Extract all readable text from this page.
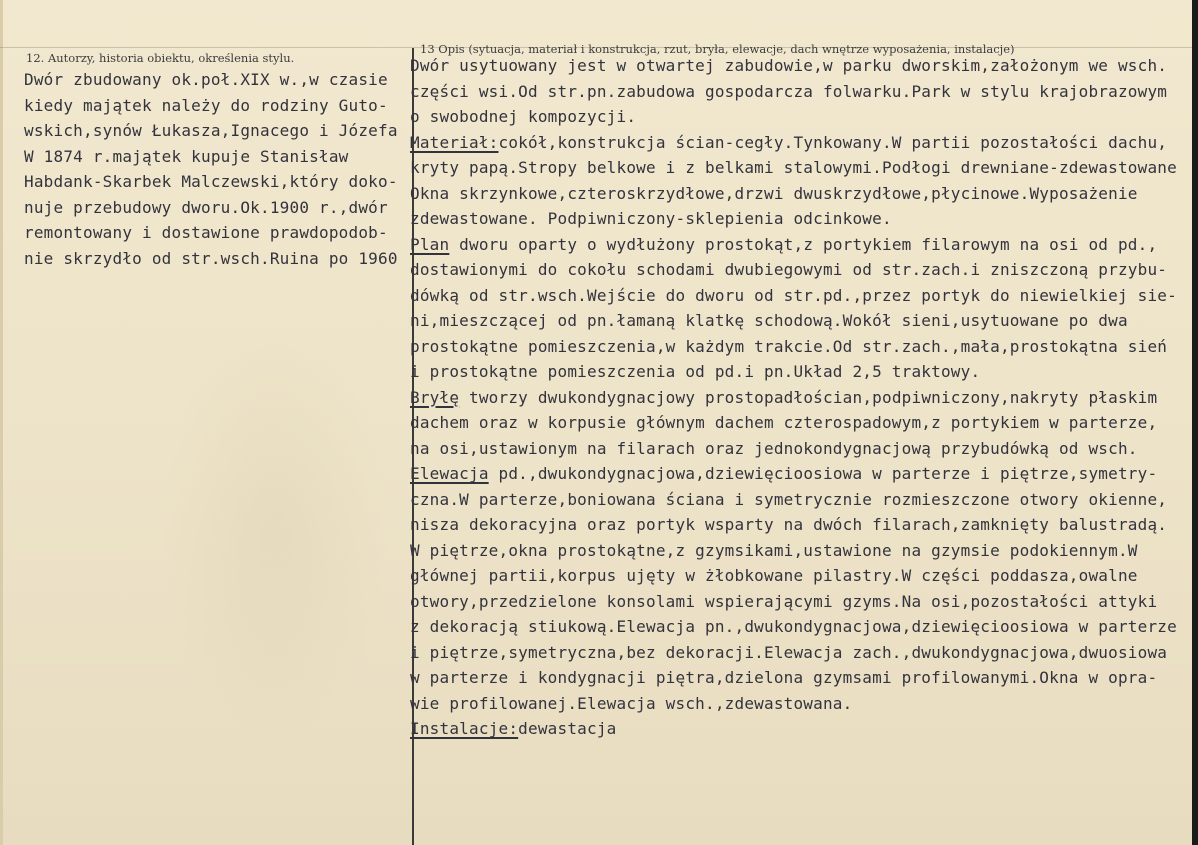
12. Autorzy, historia obiektu, określenia stylu.
13 Opis (sytuacja, materiał i konstrukcja, rzut, bryła, elewacje, dach wnętrze wyposażenia, instalacje)
Dwór zbudowany ok.poł.XIX w.,w czasie
kiedy majątek należy do rodziny Guto-
wskich,synów Łukasza,Ignacego i Józefa
W 1874 r.majątek kupuje Stanisław
Habdank-Skarbek Malczewski,który doko-
nuje przebudowy dworu.Ok.1900 r.,dwór
remontowany i dostawione prawdopodob-
nie skrzydło od str.wsch.Ruina po 1960
Dwór usytuowany jest w otwartej zabudowie,w parku dworskim,założonym we wsch.
części wsi.Od str.pn.zabudowa gospodarcza folwarku.Park w stylu krajobrazowym
o swobodnej kompozycji.
Materiał:cokół,konstrukcja ścian-cegły.Tynkowany.W partii pozostałości dachu,
kryty papą.Stropy belkowe i z belkami stalowymi.Podłogi drewniane-zdewastowane
Okna skrzynkowe,czteroskrzydłowe,drzwi dwuskrzydłowe,płycinowe.Wyposażenie
zdewastowane. Podpiwniczony-sklepienia odcinkowe.
Plan dworu oparty o wydłużony prostokąt,z portykiem filarowym na osi od pd.,
dostawionymi do cokołu schodami dwubiegowymi od str.zach.i zniszczoną przybu-
dówką od str.wsch.Wejście do dworu od str.pd.,przez portyk do niewielkiej sie-
ni,mieszczącej od pn.łamaną klatkę schodową.Wokół sieni,usytuowane po dwa
prostokątne pomieszczenia,w każdym trakcie.Od str.zach.,mała,prostokątna sień
i prostokątne pomieszczenia od pd.i pn.Układ 2,5 traktowy.
Bryłę tworzy dwukondygnacjowy prostopadłościan,podpiwniczony,nakryty płaskim
dachem oraz w korpusie głównym dachem czterospadowym,z portykiem w parterze,
na osi,ustawionym na filarach oraz jednokondygnacjową przybudówką od wsch.
Elewacja pd.,dwukondygnacjowa,dziewięcioosiowa w parterze i piętrze,symetry-
czna.W parterze,boniowana ściana i symetrycznie rozmieszczone otwory okienne,
nisza dekoracyjna oraz portyk wsparty na dwóch filarach,zamknięty balustradą.
W piętrze,okna prostokątne,z gzymsikami,ustawione na gzymsie podokiennym.W
głównej partii,korpus ujęty w żłobkowane pilastry.W części poddasza,owalne
otwory,przedzielone konsolami wspierającymi gzyms.Na osi,pozostałości attyki
z dekoracją stiukową.Elewacja pn.,dwukondygnacjowa,dziewięcioosiowa w parterze
i piętrze,symetryczna,bez dekoracji.Elewacja zach.,dwukondygnacjowa,dwuosiowa
w parterze i kondygnacji piętra,dzielona gzymsami profilowanymi.Okna w opra-
wie profilowanej.Elewacja wsch.,zdewastowana.
Instalacje:dewastacja
